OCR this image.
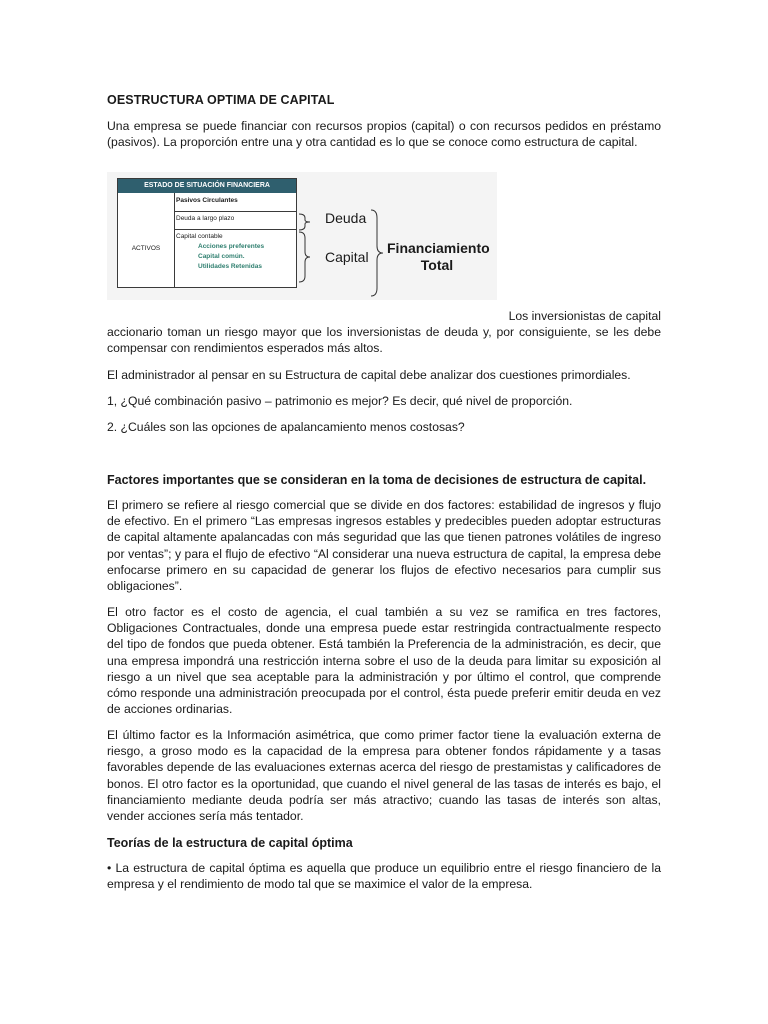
OESTRUCTURA OPTIMA DE CAPITAL
Una empresa se puede financiar con recursos propios (capital) o con recursos pedidos en préstamo (pasivos). La proporción entre una y otra cantidad es lo que se conoce como estructura de capital.
ESTADO DE SITUACIÓN FINANCIERA
ACTIVOS
Pasivos Circulantes
Deuda a largo plazo
Capital contable
Acciones preferentes
Capital común.
Utilidades Retenidas
Deuda
Capital
Financiamiento
Total
Los inversionistas de capital
accionario toman un riesgo mayor que los inversionistas de deuda y, por consiguiente, se les debe compensar con rendimientos esperados más altos.
El administrador al pensar en su Estructura de capital debe analizar dos cuestiones primordiales.
1, ¿Qué combinación pasivo – patrimonio es mejor? Es decir, qué nivel de proporción.
2. ¿Cuáles son las opciones de apalancamiento menos costosas?
Factores importantes que se consideran en la toma de decisiones de estructura de capital.
El primero se refiere al riesgo comercial que se divide en dos factores: estabilidad de ingresos y flujo de efectivo. En el primero “Las empresas ingresos estables y predecibles pueden adoptar estructuras de capital altamente apalancadas con más seguridad que las que tienen patrones volátiles de ingreso por ventas”; y para el flujo de efectivo “Al considerar una nueva estructura de capital, la empresa debe enfocarse primero en su capacidad de generar los flujos de efectivo necesarios para cumplir sus obligaciones”.
El otro factor es el costo de agencia, el cual también a su vez se ramifica en tres factores, Obligaciones Contractuales, donde una empresa puede estar restringida contractualmente respecto del tipo de fondos que pueda obtener. Está también la Preferencia de la administración, es decir, que una empresa impondrá una restricción interna sobre el uso de la deuda para limitar su exposición al riesgo a un nivel que sea aceptable para la administración y por último el control, que comprende cómo responde una administración preocupada por el control, ésta puede preferir emitir deuda en vez de acciones ordinarias.
El último factor es la Información asimétrica, que como primer factor tiene la evaluación externa de riesgo, a groso modo es la capacidad de la empresa para obtener fondos rápidamente y a tasas favorables depende de las evaluaciones externas acerca del riesgo de prestamistas y calificadores de bonos. El otro factor es la oportunidad, que cuando el nivel general de las tasas de interés es bajo, el financiamiento mediante deuda podría ser más atractivo; cuando las tasas de interés son altas, vender acciones sería más tentador.
Teorías de la estructura de capital óptima
• La estructura de capital óptima es aquella que produce un equilibrio entre el riesgo financiero de la empresa y el rendimiento de modo tal que se maximice el valor de la empresa.
